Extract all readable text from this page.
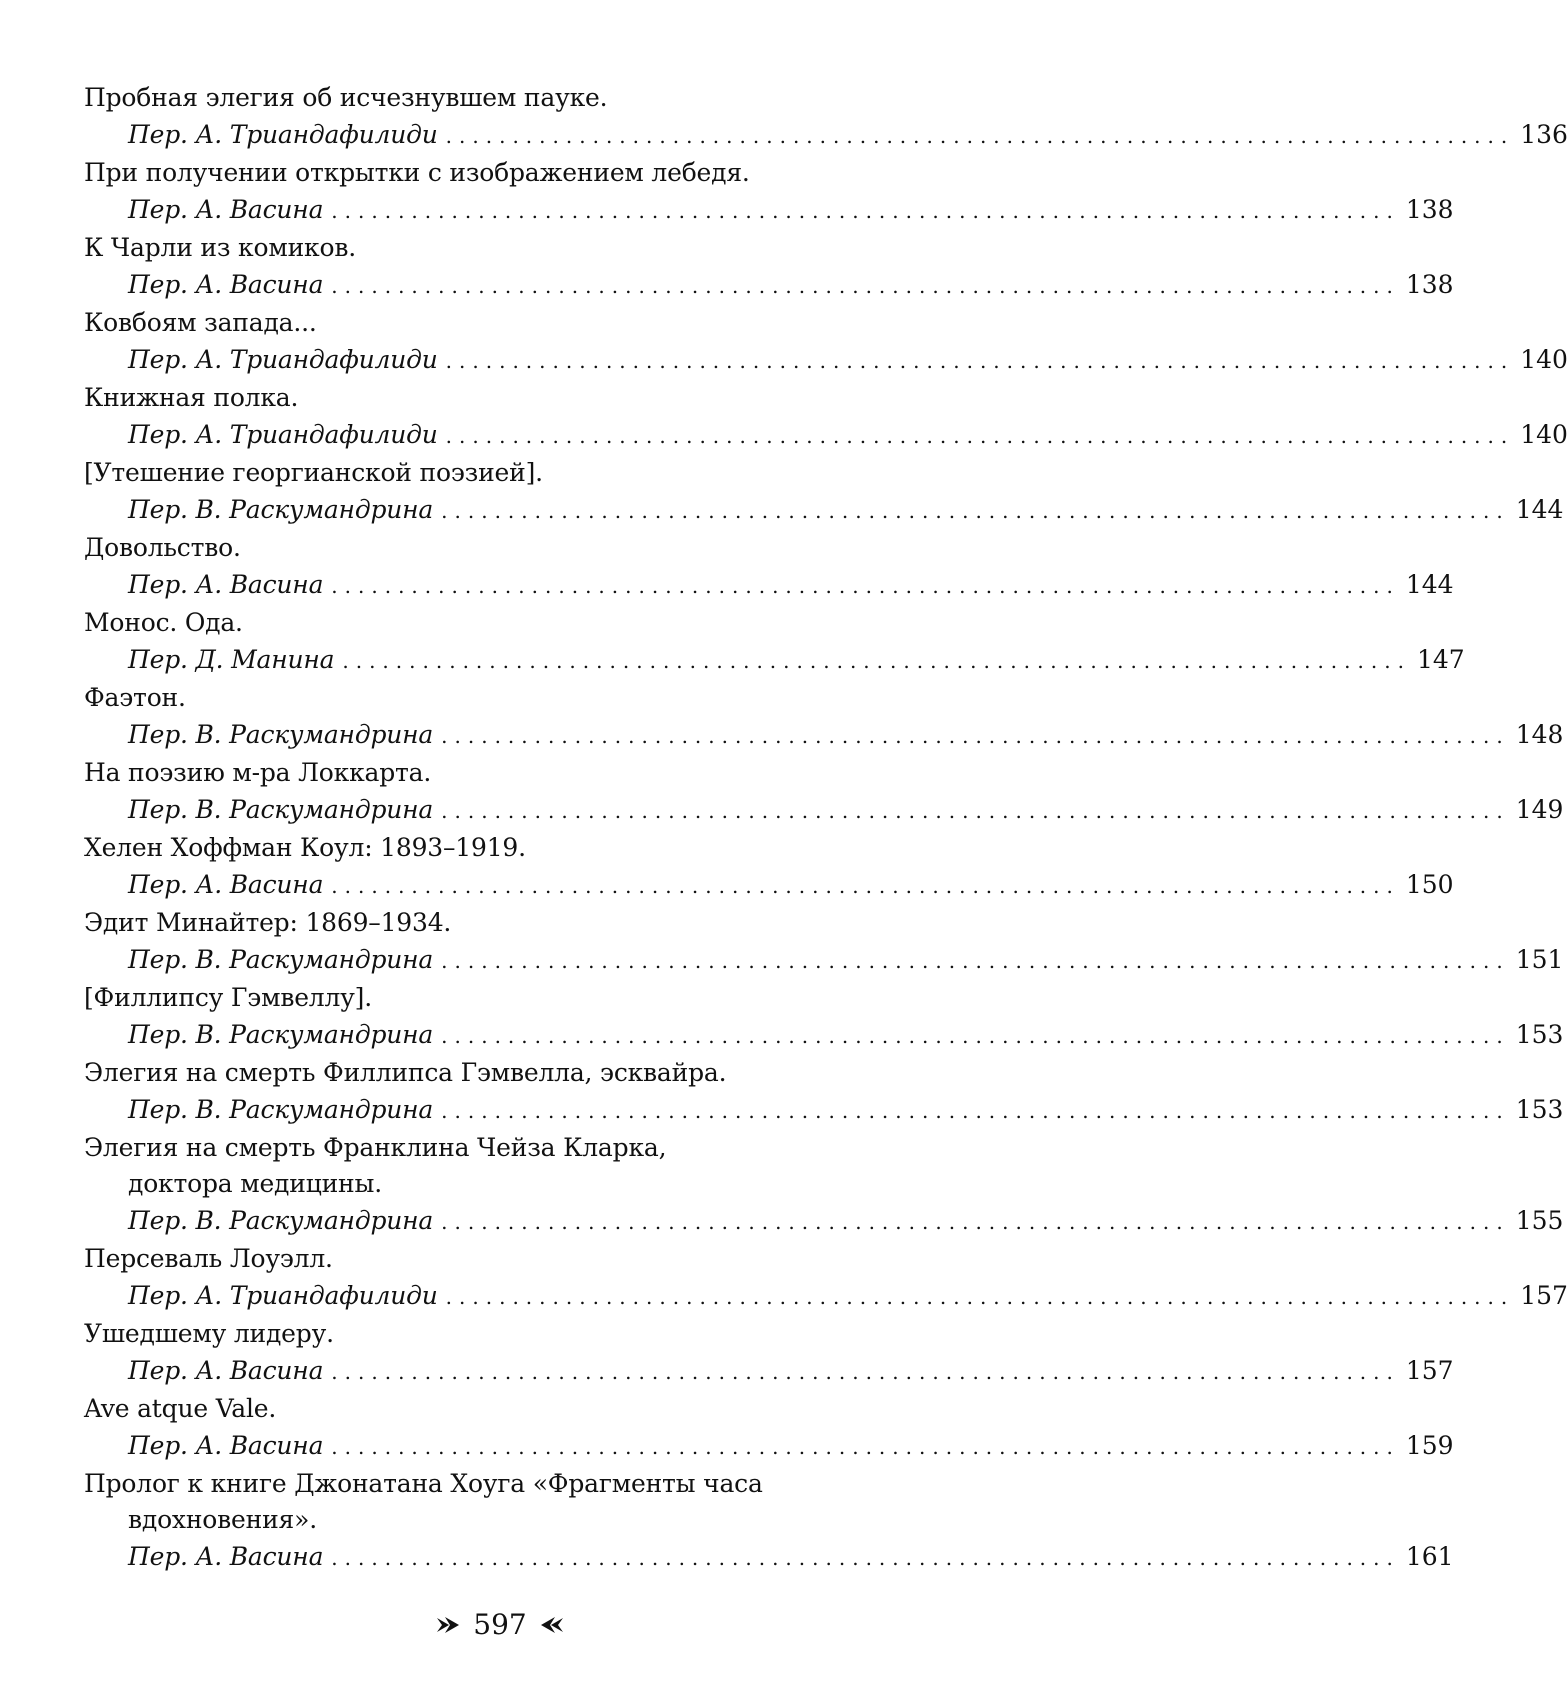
Пробная элегия об исчезнувшем пауке.
Пер. А. Триандафилиди ................................................................................ 136
При получении открытки с изображением лебедя.
Пер. А. Васина ................................................................................ 138
К Чарли из комиков.
Пер. А. Васина ................................................................................ 138
Ковбоям запада...
Пер. А. Триандафилиди ................................................................................ 140
Книжная полка.
Пер. А. Триандафилиди ................................................................................ 140
[Утешение георгианской поэзией].
Пер. В. Раскумандрина ................................................................................ 144
Довольство.
Пер. А. Васина ................................................................................ 144
Монос. Ода.
Пер. Д. Манина ................................................................................ 147
Фаэтон.
Пер. В. Раскумандрина ................................................................................ 148
На поэзию м-ра Локкарта.
Пер. В. Раскумандрина ................................................................................ 149
Хелен Хоффман Коул: 1893–1919.
Пер. А. Васина ................................................................................ 150
Эдит Минайтер: 1869–1934.
Пер. В. Раскумандрина ................................................................................ 151
[Филлипсу Гэмвеллу].
Пер. В. Раскумандрина ................................................................................ 153
Элегия на смерть Филлипса Гэмвелла, эсквайра.
Пер. В. Раскумандрина ................................................................................ 153
Элегия на смерть Франклина Чейза Кларка,
доктора медицины.
Пер. В. Раскумандрина ................................................................................ 155
Персеваль Лоуэлл.
Пер. А. Триандафилиди ................................................................................ 157
Ушедшему лидеру.
Пер. А. Васина ................................................................................ 157
Ave atque Vale.
Пер. А. Васина ................................................................................ 159
Пролог к книге Джонатана Хоуга «Фрагменты часа
вдохновения».
Пер. А. Васина ................................................................................ 161
597
